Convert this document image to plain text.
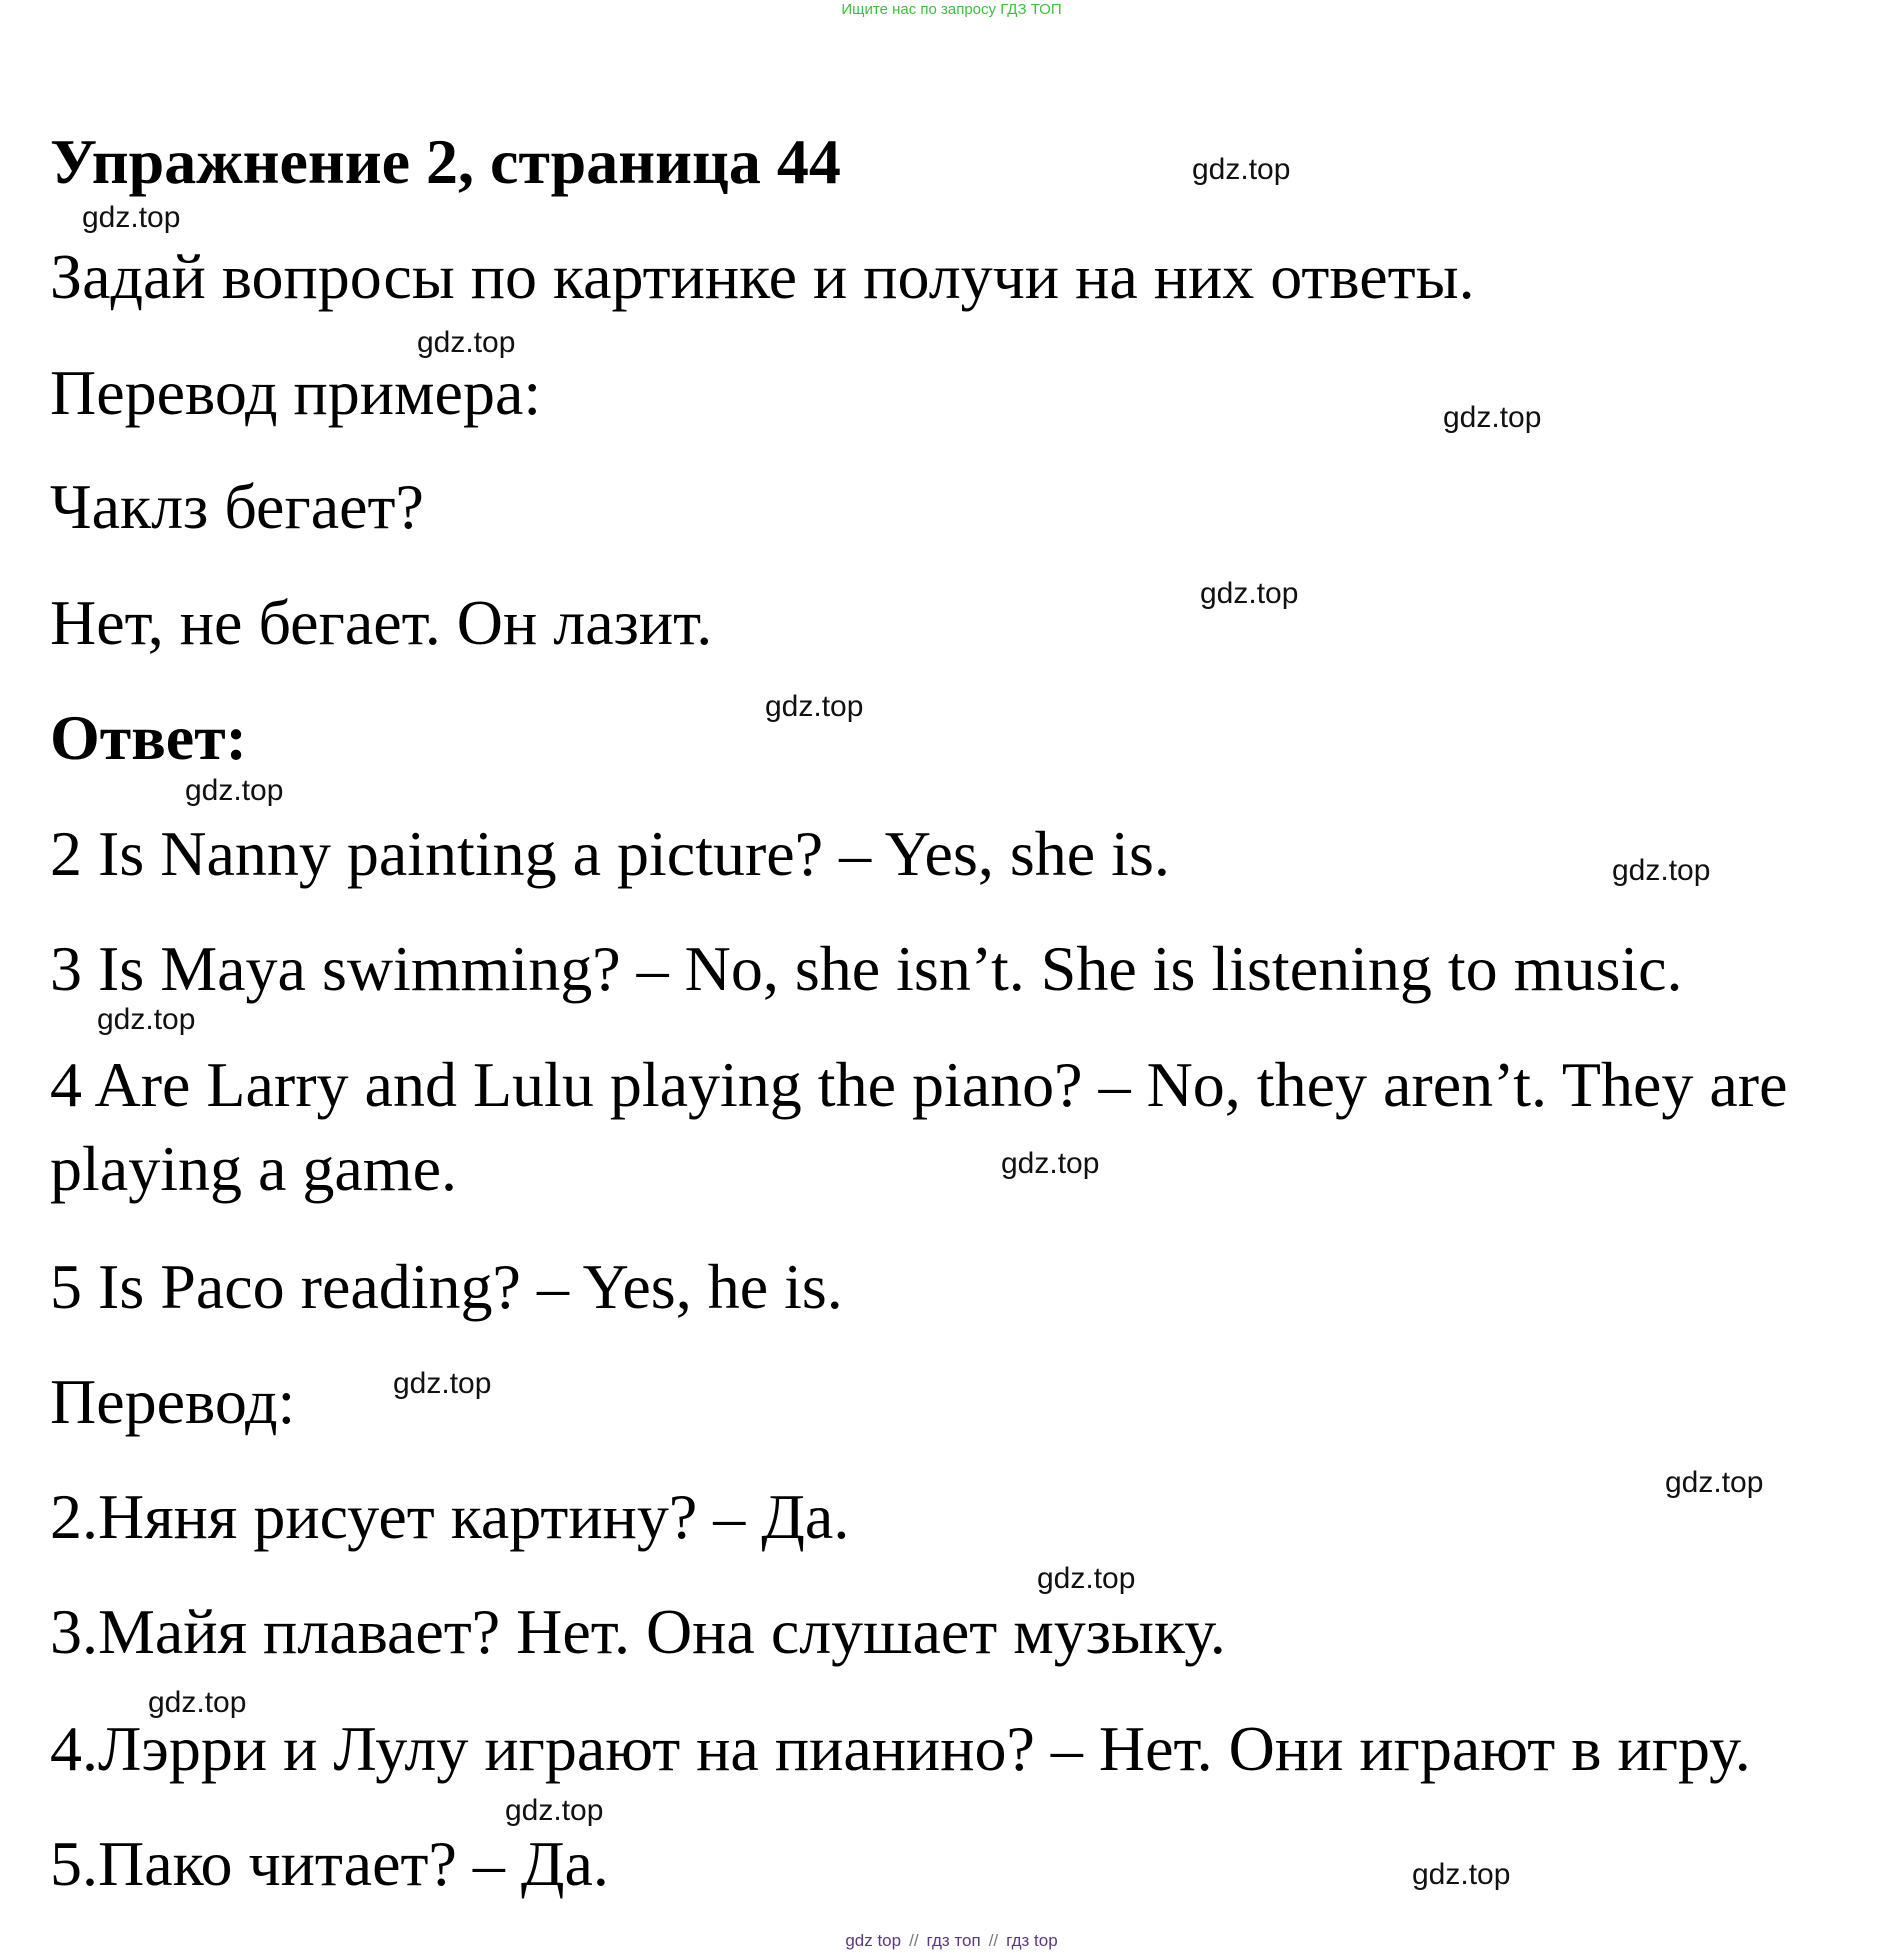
Ищите нас по запросу ГДЗ ТОП
Упражнение 2, страница 44
Задай вопросы по картинке и получи на них ответы.
Перевод примера:
Чаклз бегает?
Нет, не бегает. Он лазит.
Ответ:
2 Is Nanny painting a picture? – Yes, she is.
3 Is Maya swimming? – No, she isn’t. She is listening to music.
4 Are Larry and Lulu playing the piano? – No, they aren’t. They are
playing a game.
5 Is Paco reading? – Yes, he is.
Перевод:
2.Няня рисует картину? – Да.
3.Майя плавает? Нет. Она слушает музыку.
4.Лэрри и Лулу играют на пианино? – Нет. Они играют в игру.
5.Пако читает? – Да.
gdz.top
gdz.top
gdz.top
gdz.top
gdz.top
gdz.top
gdz.top
gdz.top
gdz.top
gdz.top
gdz.top
gdz.top
gdz.top
gdz.top
gdz.top
gdz.top
gdz top // гдз топ // гдз top
